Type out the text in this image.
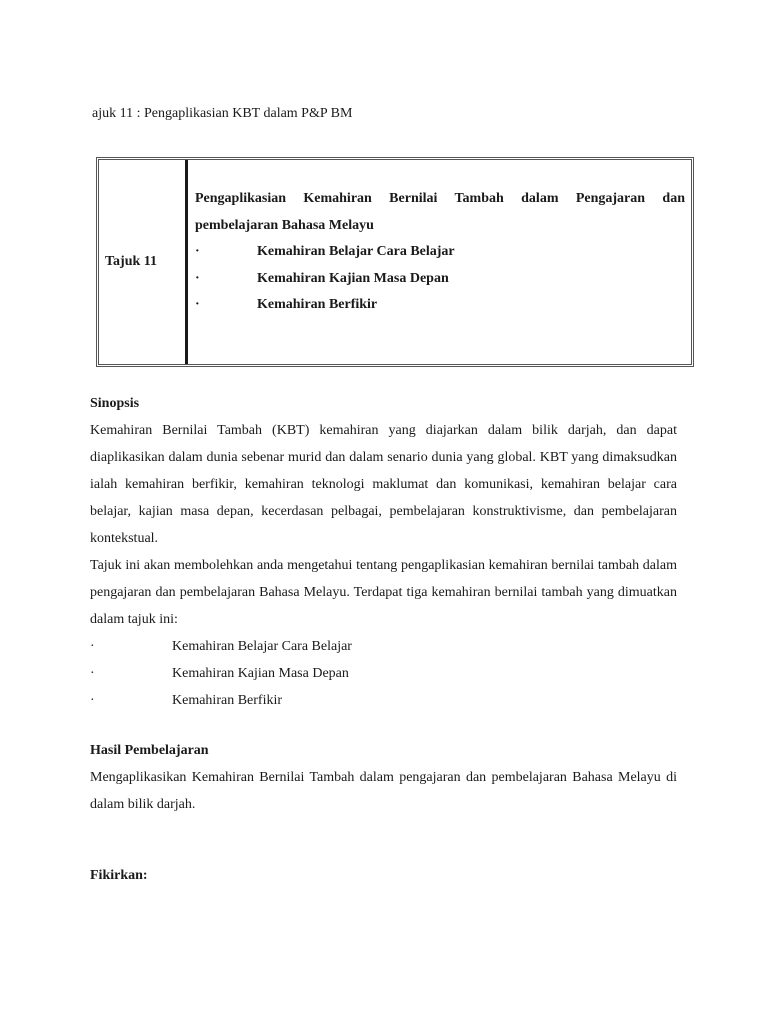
ajuk 11 : Pengaplikasian KBT dalam P&P BM
Tajuk 11
Pengaplikasian Kemahiran Bernilai Tambah dalam Pengajaran dan pembelajaran Bahasa Melayu
·	Kemahiran Belajar Cara Belajar
·	Kemahiran Kajian Masa Depan
·	Kemahiran Berfikir
Sinopsis
Kemahiran Bernilai Tambah (KBT) kemahiran yang diajarkan dalam bilik darjah, dan dapat diaplikasikan dalam dunia sebenar murid dan dalam senario dunia yang global. KBT yang dimaksudkan ialah kemahiran berfikir, kemahiran teknologi maklumat dan komunikasi, kemahiran belajar cara belajar, kajian masa depan, kecerdasan pelbagai, pembelajaran konstruktivisme, dan pembelajaran kontekstual.
Tajuk ini akan membolehkan anda mengetahui tentang pengaplikasian kemahiran bernilai tambah dalam pengajaran dan pembelajaran Bahasa Melayu. Terdapat tiga kemahiran bernilai tambah yang dimuatkan dalam tajuk ini:
·	Kemahiran Belajar Cara Belajar
·	Kemahiran Kajian Masa Depan
·	Kemahiran Berfikir
Hasil Pembelajaran
Mengaplikasikan Kemahiran Bernilai Tambah dalam pengajaran dan pembelajaran Bahasa Melayu di dalam bilik darjah.
Fikirkan:
